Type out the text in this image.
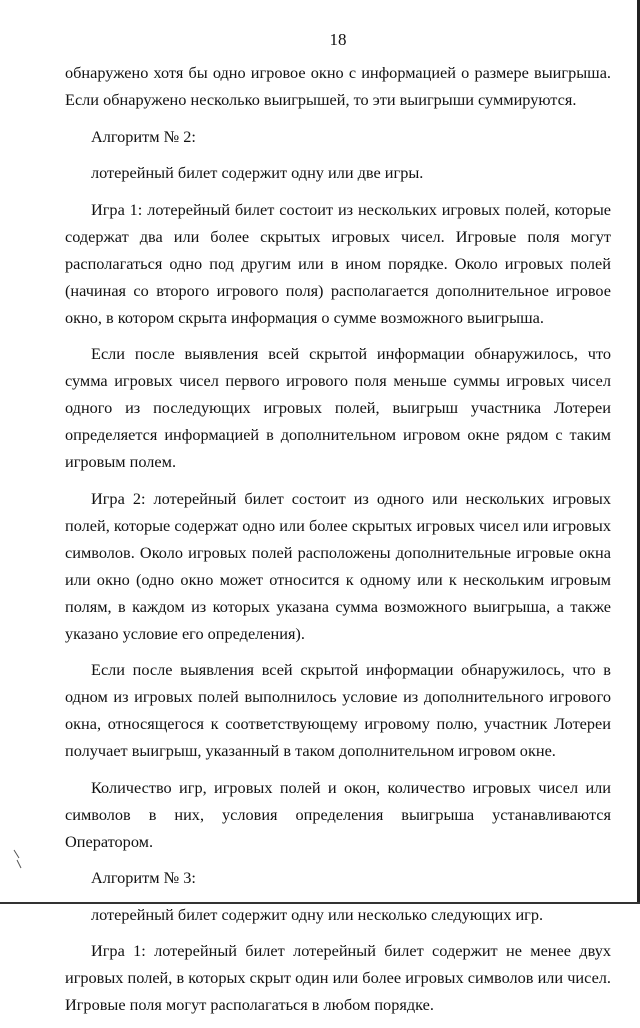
18

обнаружено хотя бы одно игровое окно с информацией о размере выигрыша. Если обнаружено несколько выигрышей, то эти выигрыши суммируются.

Алгоритм № 2:

лотерейный билет содержит одну или две игры.

Игра 1: лотерейный билет состоит из нескольких игровых полей, которые содержат два или более скрытых игровых чисел. Игровые поля могут располагаться одно под другим или в ином порядке. Около игровых полей (начиная со второго игрового поля) располагается дополнительное игровое окно, в котором скрыта информация о сумме возможного выигрыша.

Если после выявления всей скрытой информации обнаружилось, что сумма игровых чисел первого игрового поля меньше суммы игровых чисел одного из последующих игровых полей, выигрыш участника Лотереи определяется информацией в дополнительном игровом окне рядом с таким игровым полем.

Игра 2: лотерейный билет состоит из одного или нескольких игровых полей, которые содержат одно или более скрытых игровых чисел или игровых символов. Около игровых полей расположены дополнительные игровые окна или окно (одно окно может относится к одному или к нескольким игровым полям, в каждом из которых указана сумма возможного выигрыша, а также указано условие его определения).

Если после выявления всей скрытой информации обнаружилось, что в одном из игровых полей выполнилось условие из дополнительного игрового окна, относящегося к соответствующему игровому полю, участник Лотереи получает выигрыш, указанный в таком дополнительном игровом окне.

Количество игр, игровых полей и окон, количество игровых чисел или символов в них, условия определения выигрыша устанавливаются Оператором.

Алгоритм № 3:

лотерейный билет содержит одну или несколько следующих игр.

Игра 1: лотерейный билет лотерейный билет содержит не менее двух игровых полей, в которых скрыт один или более игровых символов или чисел. Игровые поля могут располагаться в любом порядке.
